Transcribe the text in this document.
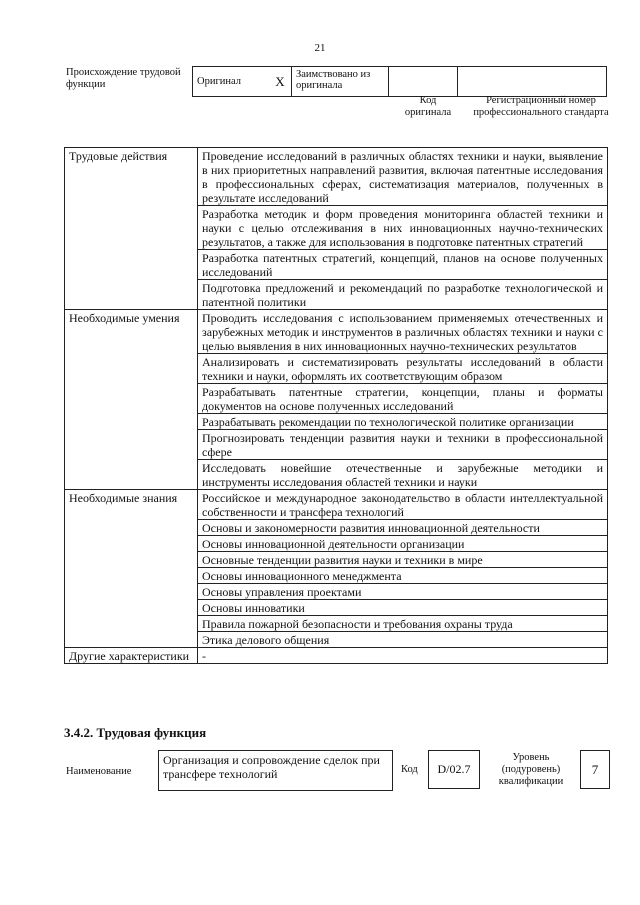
21
Происхождение трудовой функции	Оригинал	X	Заимствовано из оригинала		
Код оригинала
Регистрационный номер профессионального стандарта
Трудовые действия	Проведение исследований в различных областях техники и науки, выявление в них приоритетных направлений развития, включая патентные исследования в профессиональных сферах, систематизация материалов, полученных в результате исследований
	Разработка методик и форм проведения мониторинга областей техники и науки с целью отслеживания в них инновационных научно-технических результатов, а также для использования в подготовке патентных стратегий
	Разработка патентных стратегий, концепций, планов на основе полученных исследований
	Подготовка предложений и рекомендаций по разработке технологической и патентной политики
Необходимые умения	Проводить исследования с использованием применяемых отечественных и зарубежных методик и инструментов в различных областях техники и науки с целью выявления в них инновационных научно-технических результатов
	Анализировать и систематизировать результаты исследований в области техники и науки, оформлять их соответствующим образом
	Разрабатывать патентные стратегии, концепции, планы и форматы документов на основе полученных исследований
	Разрабатывать рекомендации по технологической политике организации
	Прогнозировать тенденции развития науки и техники в профессиональной сфере
	Исследовать новейшие отечественные и зарубежные методики и инструменты исследования областей техники и науки
Необходимые знания	Российское и международное законодательство в области интеллектуальной собственности и трансфера технологий
	Основы и закономерности развития инновационной деятельности
	Основы инновационной деятельности организации
	Основные тенденции развития науки и техники в мире
	Основы инновационного менеджмента
	Основы управления проектами
	Основы инноватики
	Правила пожарной безопасности и требования охраны труда
	Этика делового общения
Другие характеристики	-
3.4.2. Трудовая функция
Наименование
Организация и сопровождение сделок при трансфере технологий	Код	D/02.7
Уровень (подуровень) квалификации
7
